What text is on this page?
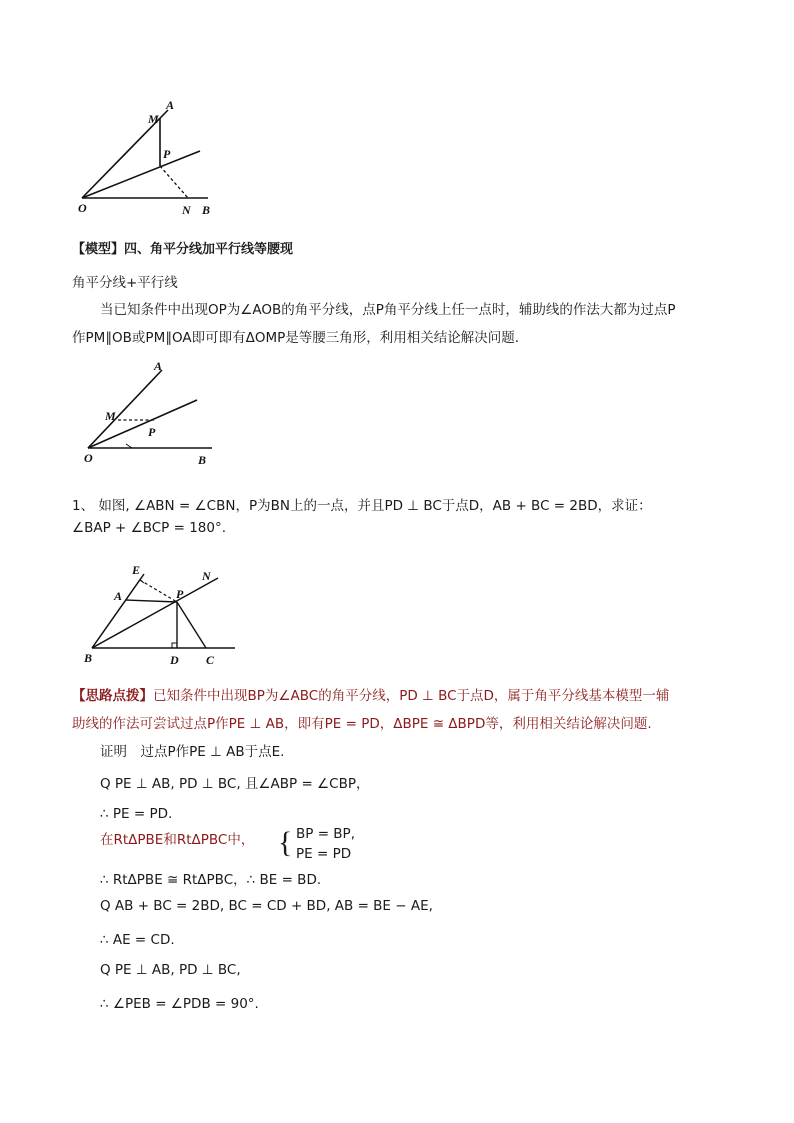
M
A
P
O	N B
【模型】四、角平分线加平行线等腰现
角平分线+平行线
当已知条件中出现OP为∠AOB的角平分线，点P角平分线上任一点时，辅助线的作法大都为过点P
作PM∥OB或PM∥OA即可即有ΔOMP是等腰三角形，利用相关结论解决问题.
A
M
P
O	B
1、 如图, ∠ABN = ∠CBN，P为BN上的一点，并且PD ⊥ BC于点D，AB + BC = 2BD，求证：
∠BAP + ∠BCP = 180°.
E	N
A	P
B	D C
【思路点拨】已知条件中出现BP为∠ABC的角平分线，PD ⊥ BC于点D，属于角平分线基本模型一辅
助线的作法可尝试过点P作PE ⊥ AB，即有PE = PD，ΔBPE ≅ ΔBPD等，利用相关结论解决问题.
证明　过点P作PE ⊥ AB于点E.
Q PE ⊥ AB, PD ⊥ BC, 且∠ABP = ∠CBP，
∴ PE = PD.
在RtΔPBE和RtΔPBC中， { BP = BP,
PE = PD
∴ RtΔPBE ≅ RtΔPBC，∴ BE = BD.
Q AB + BC = 2BD, BC = CD + BD, AB = BE − AE,
∴ AE = CD.
Q PE ⊥ AB, PD ⊥ BC,
∴ ∠PEB = ∠PDB = 90°.
